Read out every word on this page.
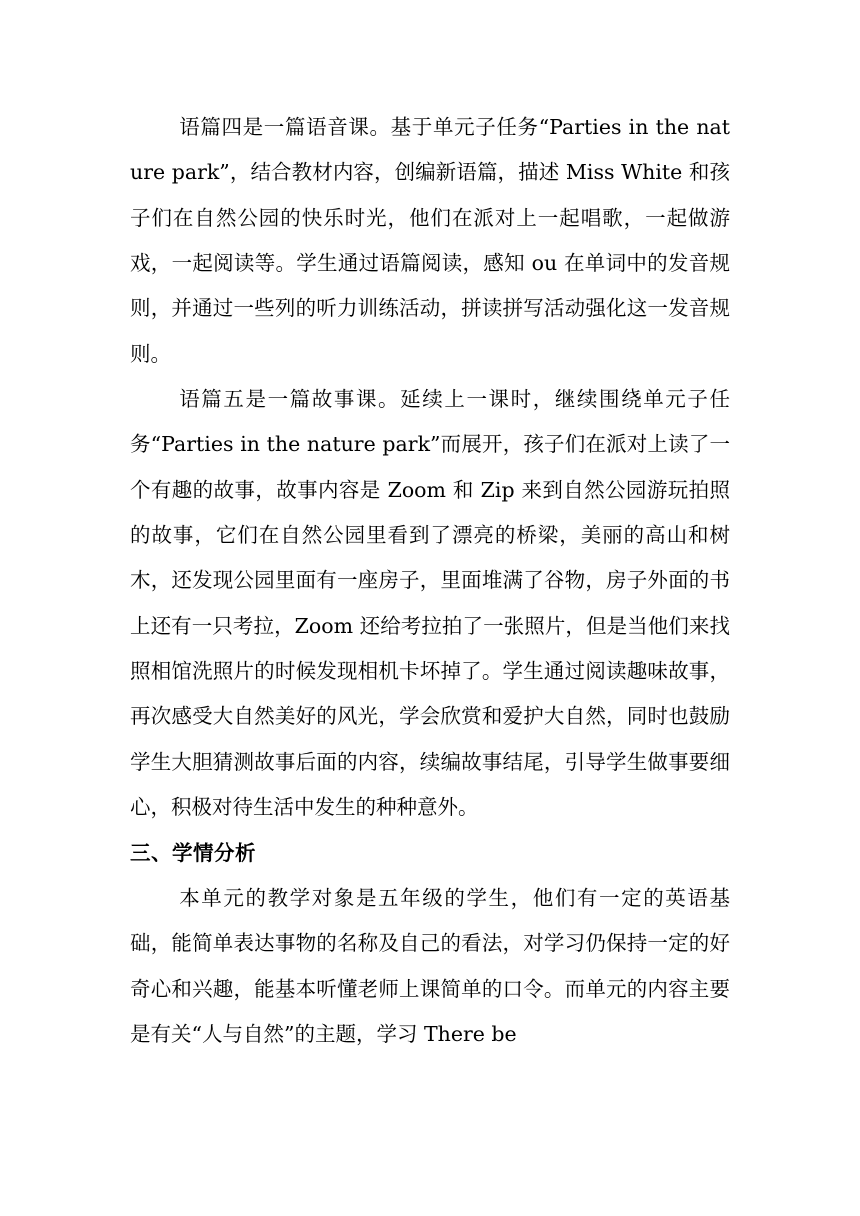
语篇四是一篇语音课。基于单元子任务“Parties in the nature park”，结合教材内容，创编新语篇，描述 Miss White 和孩子们在自然公园的快乐时光，他们在派对上一起唱歌，一起做游戏，一起阅读等。学生通过语篇阅读，感知 ou 在单词中的发音规则，并通过一些列的听力训练活动，拼读拼写活动强化这一发音规则。

语篇五是一篇故事课。延续上一课时，继续围绕单元子任务“Parties in the nature park”而展开，孩子们在派对上读了一个有趣的故事，故事内容是 Zoom 和 Zip 来到自然公园游玩拍照的故事，它们在自然公园里看到了漂亮的桥梁，美丽的高山和树木，还发现公园里面有一座房子，里面堆满了谷物，房子外面的书上还有一只考拉，Zoom 还给考拉拍了一张照片，但是当他们来找照相馆洗照片的时候发现相机卡坏掉了。学生通过阅读趣味故事，再次感受大自然美好的风光，学会欣赏和爱护大自然，同时也鼓励学生大胆猜测故事后面的内容，续编故事结尾，引导学生做事要细心，积极对待生活中发生的种种意外。

三、学情分析

本单元的教学对象是五年级的学生，他们有一定的英语基础，能简单表达事物的名称及自己的看法，对学习仍保持一定的好奇心和兴趣，能基本听懂老师上课简单的口令。而单元的内容主要是有关“人与自然”的主题，学习 There be
